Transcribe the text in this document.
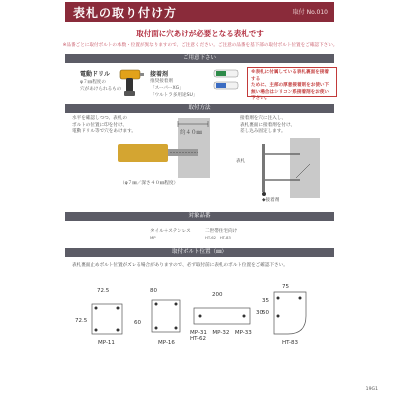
表札の取り付け方	取付 No.010
取付面に穴あけが必要となる表札です
※品番ごとに取付ボルトの本数・位置が異なりますので、ご注意ください。ご注意の品番を基下部の取付ボルト位置をご確認下さい。
ご用意下さい
電動ドリル
φ７㎜程度の
穴があけられるもの
接着剤
推奨接着剤
「スーパーXG」
「ウルトラ多用途SU」
※表札に付属している表札裏面を接着する
ために、主部の厚意接着剤をお使い下
無い場合はシリコン系接着剤をお使い下さい。
取付方法
水平を確認しつつ、表札の
ボルトの位置に印を付け、
電動ドリル等で穴をあけます。	約４０㎜
（φ７㎜／深さ４０㎜程度）
接着剤を穴に注入し、
表札裏面に接着剤を付け、
差し込み固定します。
表札
◆接着剤
対象品番
タイル＋ステンレス
MP
二世帯住宅向け
HT-62　HT-83
取付ボルト位置（㎜）
表札裏面止めボルト位置がズレる場合がありますので、必ず取付前に表札のボルト位置をご確認下さい。
72.5
72.5
MP-11
80
60
MP-16
200
30
MP-31　MP-32　MP-33
HT-62
75
35
50
HT-83
19G1
